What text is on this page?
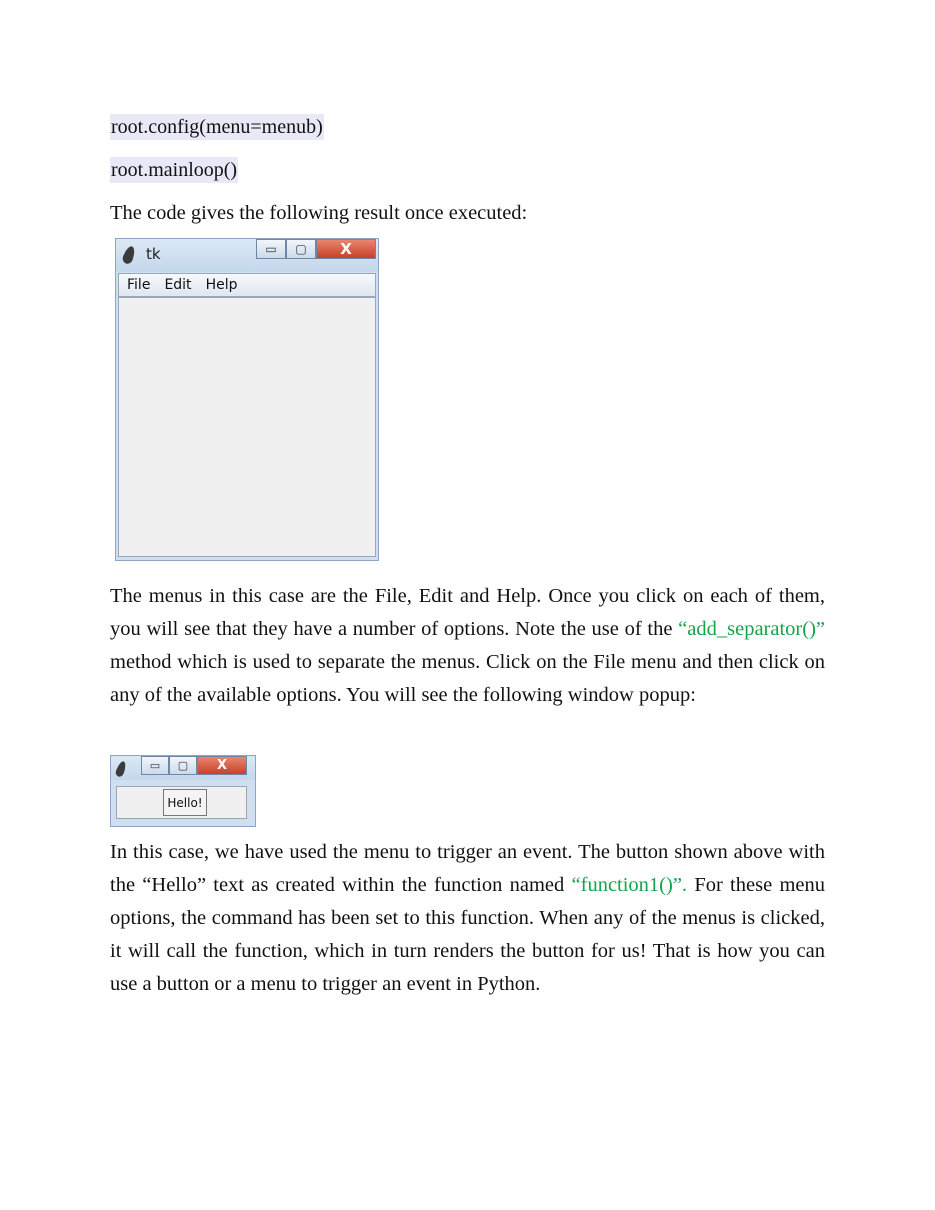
root.config(menu=menub)
root.mainloop()

The code gives the following result once executed:

tk	▭	▢	X
File Edit Help

The menus in this case are the File, Edit and Help. Once you click on each of them, you will see that they have a number of options. Note the use of the “add_separator()” method which is used to separate the menus. Click on the File menu and then click on any of the available options. You will see the following window popup:

▭	▢	X
Hello!

In this case, we have used the menu to trigger an event. The button shown above with the “Hello” text as created within the function named “function1()”. For these menu options, the command has been set to this function. When any of the menus is clicked, it will call the function, which in turn renders the button for us! That is how you can use a button or a menu to trigger an event in Python.
